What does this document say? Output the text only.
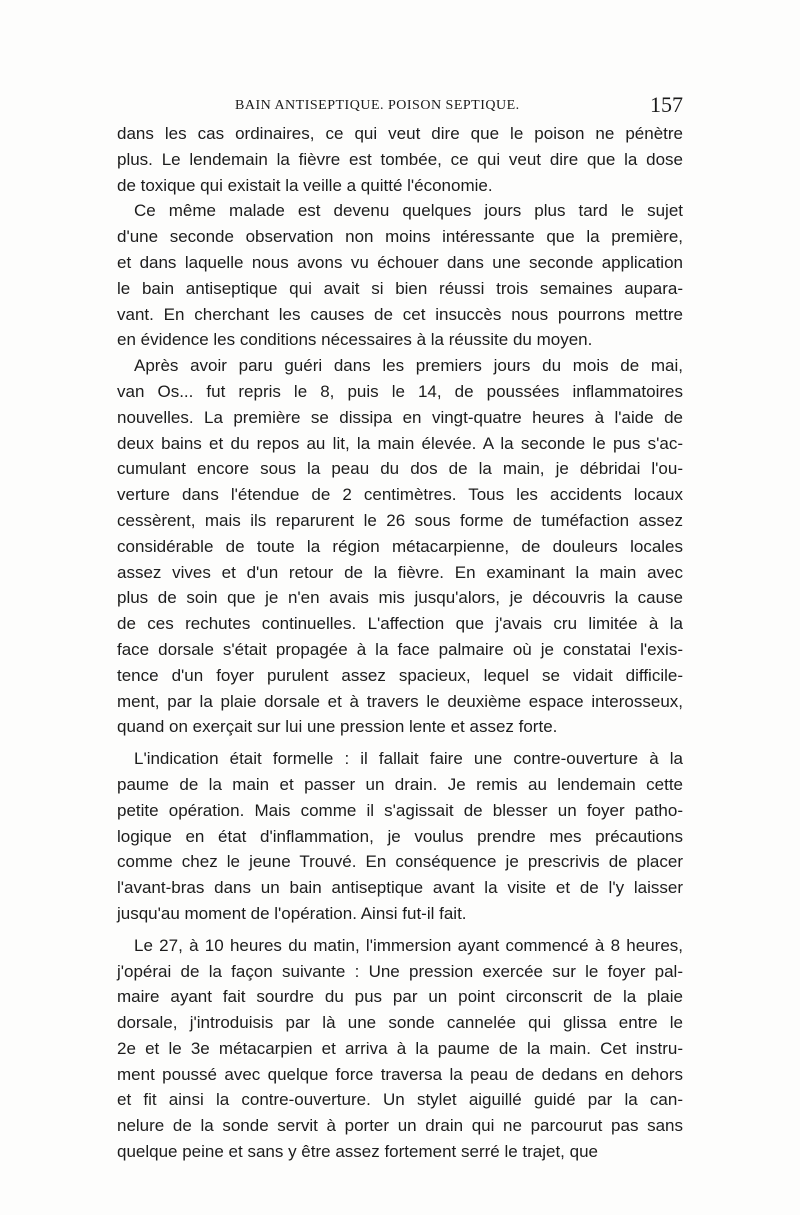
BAIN ANTISEPTIQUE. POISON SEPTIQUE.	157
dans les cas ordinaires, ce qui veut dire que le poison ne pénètre
plus. Le lendemain la fièvre est tombée, ce qui veut dire que la dose
de toxique qui existait la veille a quitté l'économie.
Ce même malade est devenu quelques jours plus tard le sujet
d'une seconde observation non moins intéressante que la première,
et dans laquelle nous avons vu échouer dans une seconde application
le bain antiseptique qui avait si bien réussi trois semaines aupara-
vant. En cherchant les causes de cet insuccès nous pourrons mettre
en évidence les conditions nécessaires à la réussite du moyen.
Après avoir paru guéri dans les premiers jours du mois de mai,
van Os... fut repris le 8, puis le 14, de poussées inflammatoires
nouvelles. La première se dissipa en vingt-quatre heures à l'aide de
deux bains et du repos au lit, la main élevée. A la seconde le pus s'ac-
cumulant encore sous la peau du dos de la main, je débridai l'ou-
verture dans l'étendue de 2 centimètres. Tous les accidents locaux
cessèrent, mais ils reparurent le 26 sous forme de tuméfaction assez
considérable de toute la région métacarpienne, de douleurs locales
assez vives et d'un retour de la fièvre. En examinant la main avec
plus de soin que je n'en avais mis jusqu'alors, je découvris la cause
de ces rechutes continuelles. L'affection que j'avais cru limitée à la
face dorsale s'était propagée à la face palmaire où je constatai l'exis-
tence d'un foyer purulent assez spacieux, lequel se vidait difficile-
ment, par la plaie dorsale et à travers le deuxième espace interosseux,
quand on exerçait sur lui une pression lente et assez forte.
L'indication était formelle : il fallait faire une contre-ouverture à la
paume de la main et passer un drain. Je remis au lendemain cette
petite opération. Mais comme il s'agissait de blesser un foyer patho-
logique en état d'inflammation, je voulus prendre mes précautions
comme chez le jeune Trouvé. En conséquence je prescrivis de placer
l'avant-bras dans un bain antiseptique avant la visite et de l'y laisser
jusqu'au moment de l'opération. Ainsi fut-il fait.
Le 27, à 10 heures du matin, l'immersion ayant commencé à 8 heures,
j'opérai de la façon suivante : Une pression exercée sur le foyer pal-
maire ayant fait sourdre du pus par un point circonscrit de la plaie
dorsale, j'introduisis par là une sonde cannelée qui glissa entre le
2e et le 3e métacarpien et arriva à la paume de la main. Cet instru-
ment poussé avec quelque force traversa la peau de dedans en dehors
et fit ainsi la contre-ouverture. Un stylet aiguillé guidé par la can-
nelure de la sonde servit à porter un drain qui ne parcourut pas sans
quelque peine et sans y être assez fortement serré le trajet, que
